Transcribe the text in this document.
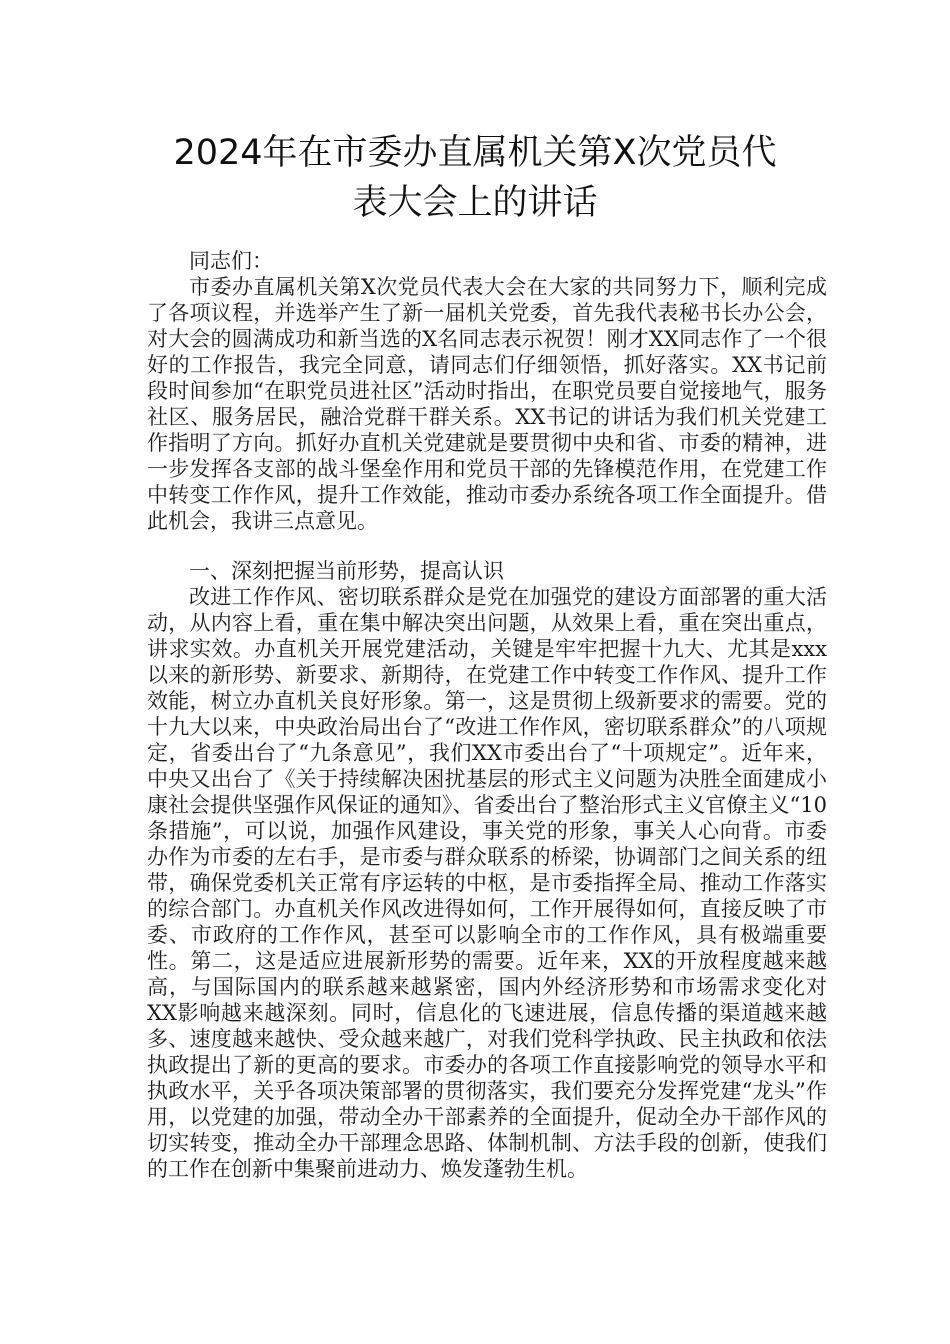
2024年在市委办直属机关第X次党员代
表大会上的讲话

同志们：

市委办直属机关第X次党员代表大会在大家的共同努力下，顺利完成了各项议程，并选举产生了新一届机关党委，首先我代表秘书长办公会，对大会的圆满成功和新当选的X名同志表示祝贺！刚才XX同志作了一个很好的工作报告，我完全同意，请同志们仔细领悟，抓好落实。XX书记前段时间参加“在职党员进社区”活动时指出，在职党员要自觉接地气，服务社区、服务居民，融洽党群干群关系。XX书记的讲话为我们机关党建工作指明了方向。抓好办直机关党建就是要贯彻中央和省、市委的精神，进一步发挥各支部的战斗堡垒作用和党员干部的先锋模范作用，在党建工作中转变工作作风，提升工作效能，推动市委办系统各项工作全面提升。借此机会，我讲三点意见。

一、深刻把握当前形势，提高认识

改进工作作风、密切联系群众是党在加强党的建设方面部署的重大活动，从内容上看，重在集中解决突出问题，从效果上看，重在突出重点，讲求实效。办直机关开展党建活动，关键是牢牢把握十九大、尤其是xxx以来的新形势、新要求、新期待，在党建工作中转变工作作风、提升工作效能，树立办直机关良好形象。第一，这是贯彻上级新要求的需要。党的十九大以来，中央政治局出台了“改进工作作风，密切联系群众”的八项规定，省委出台了“九条意见”，我们XX市委出台了“十项规定”。近年来，中央又出台了《关于持续解决困扰基层的形式主义问题为决胜全面建成小康社会提供坚强作风保证的通知》、省委出台了整治形式主义官僚主义“10条措施”，可以说，加强作风建设，事关党的形象，事关人心向背。市委办作为市委的左右手，是市委与群众联系的桥梁，协调部门之间关系的纽带，确保党委机关正常有序运转的中枢，是市委指挥全局、推动工作落实的综合部门。办直机关作风改进得如何，工作开展得如何，直接反映了市委、市政府的工作作风，甚至可以影响全市的工作作风，具有极端重要性。第二，这是适应进展新形势的需要。近年来，XX的开放程度越来越高，与国际国内的联系越来越紧密，国内外经济形势和市场需求变化对XX影响越来越深刻。同时，信息化的飞速进展，信息传播的渠道越来越多、速度越来越快、受众越来越广，对我们党科学执政、民主执政和依法执政提出了新的更高的要求。市委办的各项工作直接影响党的领导水平和执政水平，关乎各项决策部署的贯彻落实，我们要充分发挥党建“龙头”作用，以党建的加强，带动全办干部素养的全面提升，促动全办干部作风的切实转变，推动全办干部理念思路、体制机制、方法手段的创新，使我们的工作在创新中集聚前进动力、焕发蓬勃生机。
